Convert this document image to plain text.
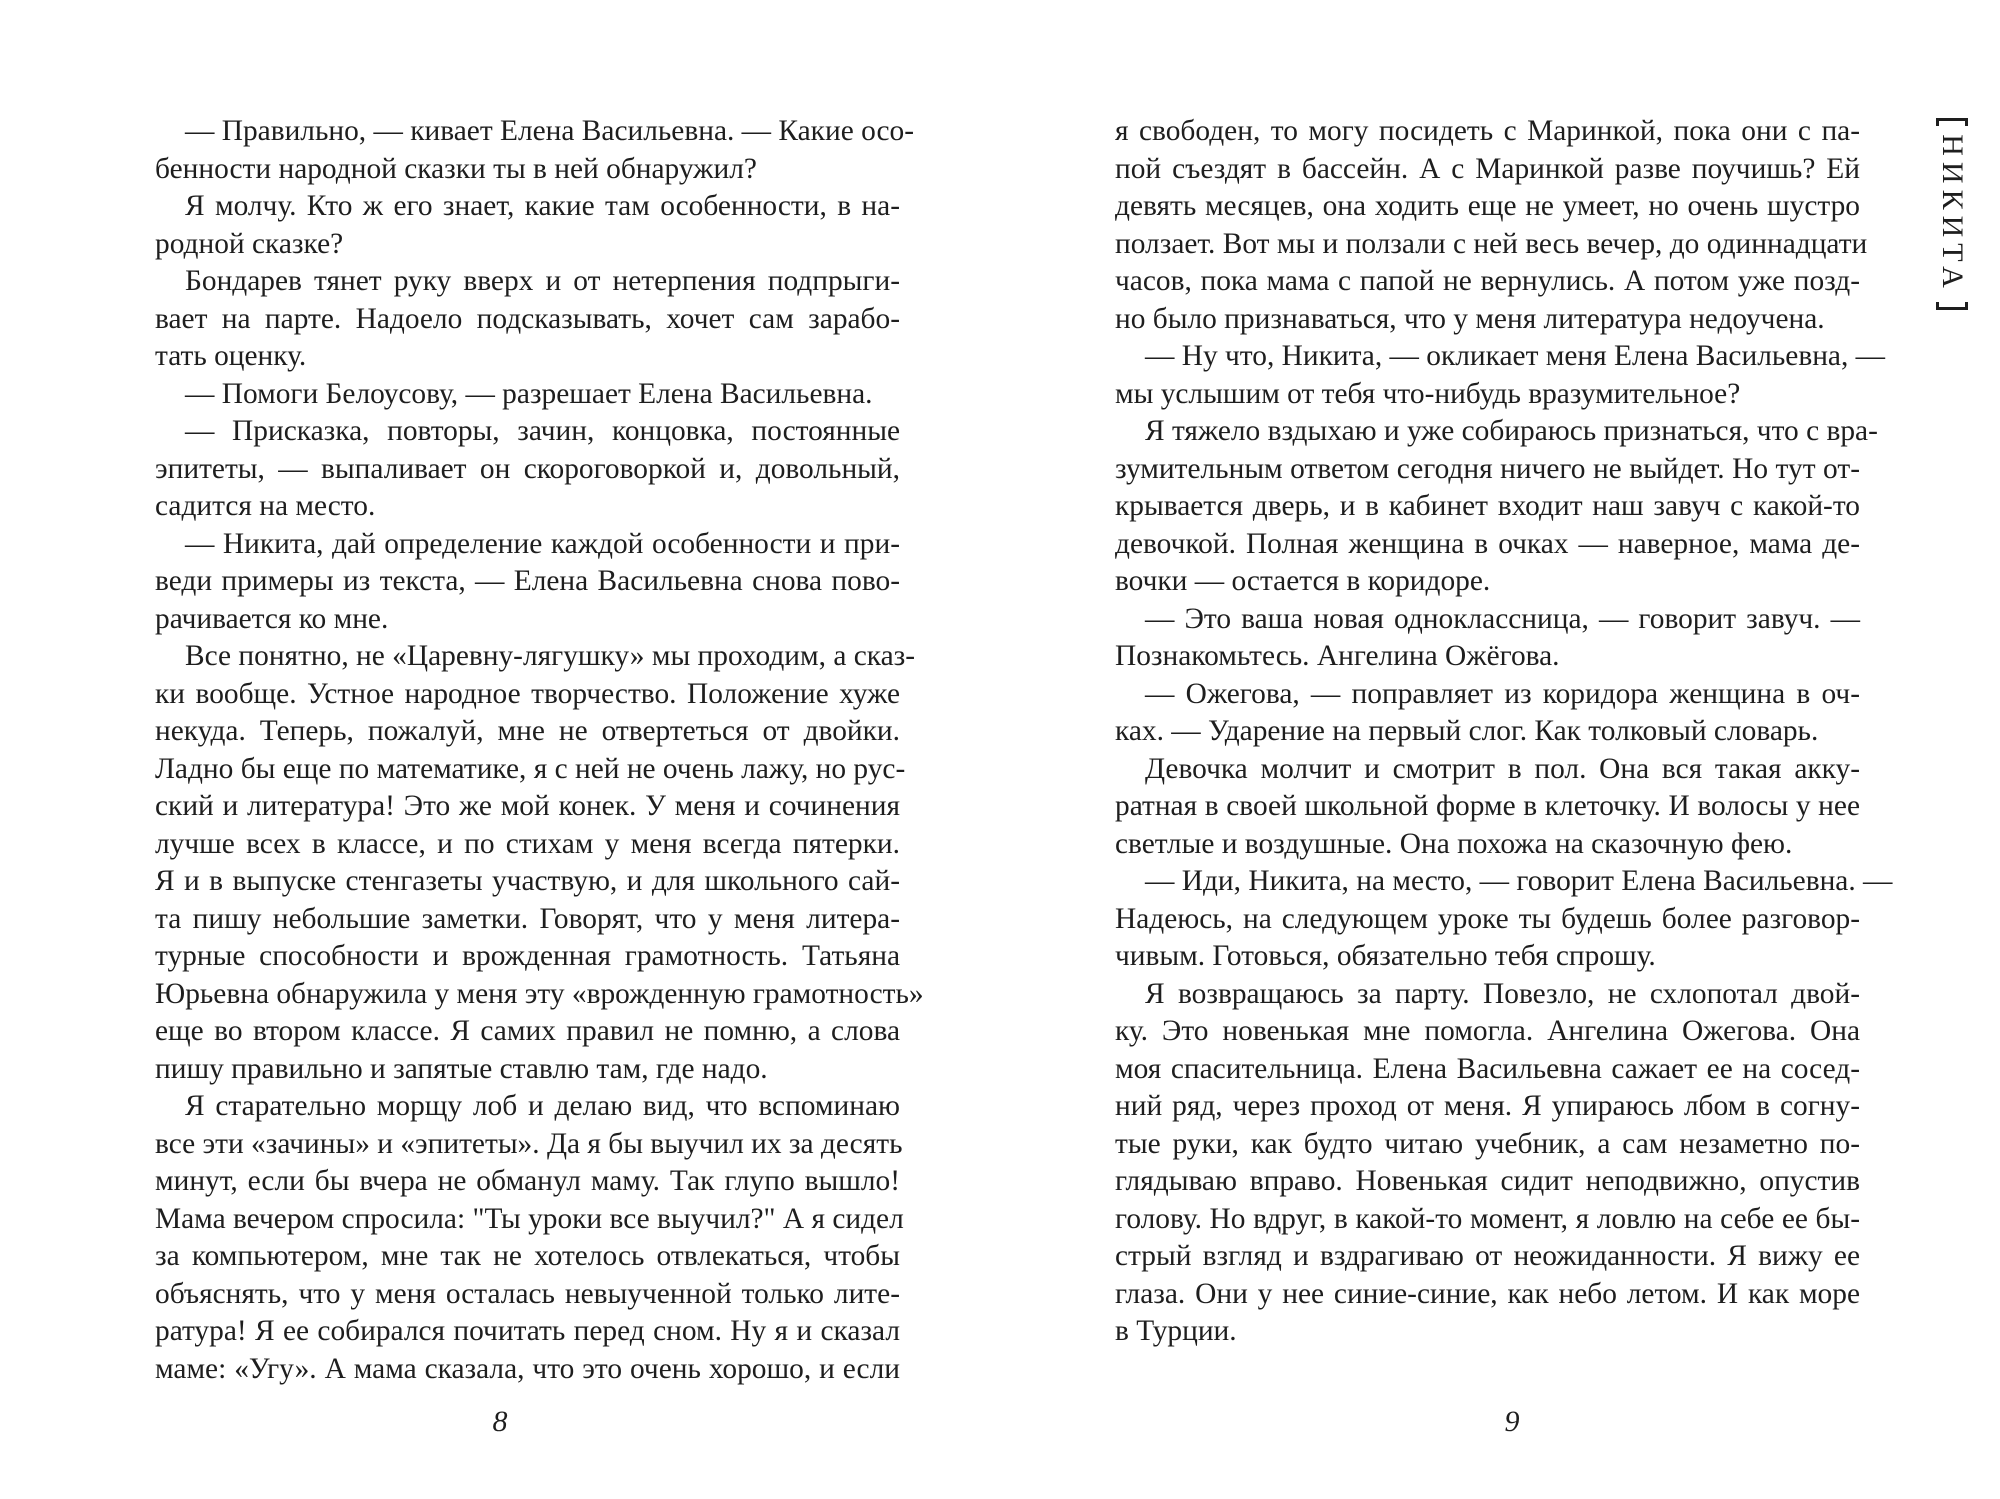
— Правильно, — кивает Елена Васильевна. — Какие осо-
бенности народной сказки ты в ней обнаружил?
Я молчу. Кто ж его знает, какие там особенности, в на-
родной сказке?
Бондарев тянет руку вверх и от нетерпения подпрыги-
вает на парте. Надоело подсказывать, хочет сам зарабо-
тать оценку.
— Помоги Белоусову, — разрешает Елена Васильевна.
— Присказка, повторы, зачин, концовка, постоянные
эпитеты, — выпаливает он скороговоркой и, довольный,
садится на место.
— Никита, дай определение каждой особенности и при-
веди примеры из текста, — Елена Васильевна снова пово-
рачивается ко мне.
Все понятно, не «Царевну-лягушку» мы проходим, а сказ-
ки вообще. Устное народное творчество. Положение хуже
некуда. Теперь, пожалуй, мне не отвертеться от двойки.
Ладно бы еще по математике, я с ней не очень лажу, но рус-
ский и литература! Это же мой конек. У меня и сочинения
лучше всех в классе, и по стихам у меня всегда пятерки.
Я и в выпуске стенгазеты участвую, и для школьного сай-
та пишу небольшие заметки. Говорят, что у меня литера-
турные способности и врожденная грамотность. Татьяна
Юрьевна обнаружила у меня эту «врожденную грамотность»
еще во втором классе. Я самих правил не помню, а слова
пишу правильно и запятые ставлю там, где надо.
Я старательно морщу лоб и делаю вид, что вспоминаю
все эти «зачины» и «эпитеты». Да я бы выучил их за десять
минут, если бы вчера не обманул маму. Так глупо вышло!
Мама вечером спросила: "Ты уроки все выучил?" А я сидел
за компьютером, мне так не хотелось отвлекаться, чтобы
объяснять, что у меня осталась невыученной только лите-
ратура! Я ее собирался почитать перед сном. Ну я и сказал
маме: «Угу». А мама сказала, что это очень хорошо, и если
8
я свободен, то могу посидеть с Маринкой, пока они с па-
пой съездят в бассейн. А с Маринкой разве поучишь? Ей
девять месяцев, она ходить еще не умеет, но очень шустро
ползает. Вот мы и ползали с ней весь вечер, до одиннадцати
часов, пока мама с папой не вернулись. А потом уже позд-
но было признаваться, что у меня литература недоучена.
— Ну что, Никита, — окликает меня Елена Васильевна, —
мы услышим от тебя что-нибудь вразумительное?
Я тяжело вздыхаю и уже собираюсь признаться, что с вра-
зумительным ответом сегодня ничего не выйдет. Но тут от-
крывается дверь, и в кабинет входит наш завуч с какой-то
девочкой. Полная женщина в очках — наверное, мама де-
вочки — остается в коридоре.
— Это ваша новая одноклассница, — говорит завуч. —
Познакомьтесь. Ангелина Ожёгова.
— Ожегова, — поправляет из коридора женщина в оч-
ках. — Ударение на первый слог. Как толковый словарь.
Девочка молчит и смотрит в пол. Она вся такая акку-
ратная в своей школьной форме в клеточку. И волосы у нее
светлые и воздушные. Она похожа на сказочную фею.
— Иди, Никита, на место, — говорит Елена Васильевна. —
Надеюсь, на следующем уроке ты будешь более разговор-
чивым. Готовься, обязательно тебя спрошу.
Я возвращаюсь за парту. Повезло, не схлопотал двой-
ку. Это новенькая мне помогла. Ангелина Ожегова. Она
моя спасительница. Елена Васильевна сажает ее на сосед-
ний ряд, через проход от меня. Я упираюсь лбом в согну-
тые руки, как будто читаю учебник, а сам незаметно по-
глядываю вправо. Новенькая сидит неподвижно, опустив
голову. Но вдруг, в какой-то момент, я ловлю на себе ее бы-
стрый взгляд и вздрагиваю от неожиданности. Я вижу ее
глаза. Они у нее синие-синие, как небо летом. И как море
в Турции.
9
НИКИТА
